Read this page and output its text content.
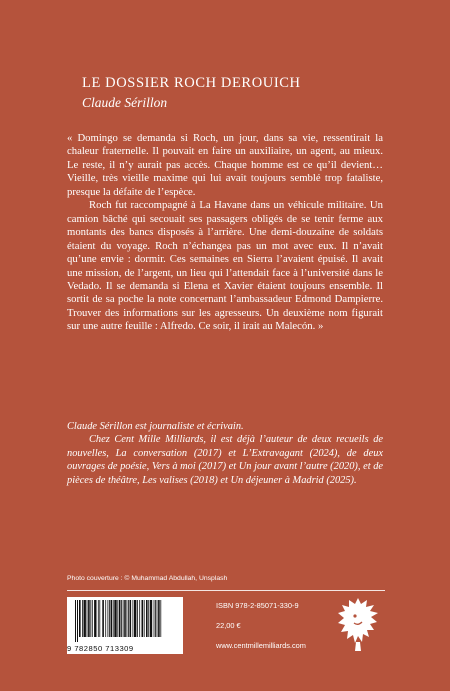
LE DOSSIER ROCH DEROUICH
Claude Sérillon

« Domingo se demanda si Roch, un jour, dans sa vie, ressentirait la chaleur fraternelle. Il pouvait en faire un auxiliaire, un agent, au mieux. Le reste, il n’y aurait pas accès. Chaque homme est ce qu’il devient… Vieille, très vieille maxime qui lui avait toujours semblé trop fataliste, presque la défaite de l’espèce.

Roch fut raccompagné à La Havane dans un véhicule militaire. Un camion bâché qui secouait ses passagers obligés de se tenir ferme aux montants des bancs disposés à l’arrière. Une demi-douzaine de soldats étaient du voyage. Roch n’échangea pas un mot avec eux. Il n’avait qu’une envie : dormir. Ces semaines en Sierra l’avaient épuisé. Il avait une mission, de l’argent, un lieu qui l’attendait face à l’université dans le Vedado. Il se demanda si Elena et Xavier étaient toujours ensemble. Il sortit de sa poche la note concernant l’ambassadeur Edmond Dampierre. Trouver des informations sur les agresseurs. Un deuxième nom figurait sur une autre feuille : Alfredo. Ce soir, il irait au Malecón. »

Claude Sérillon est journaliste et écrivain.

Chez Cent Mille Milliards, il est déjà l’auteur de deux recueils de nouvelles, La conversation (2017) et L’Extravagant (2024), de deux ouvrages de poésie, Vers à moi (2017) et Un jour avant l’autre (2020), et de pièces de théâtre, Les valises (2018) et Un déjeuner à Madrid (2025).

Photo couverture : © Muhammad Abdullah, Unsplash
9 782850 713309
ISBN 978-2-85071-330-9
22,00 €
www.centmillemilliards.com
